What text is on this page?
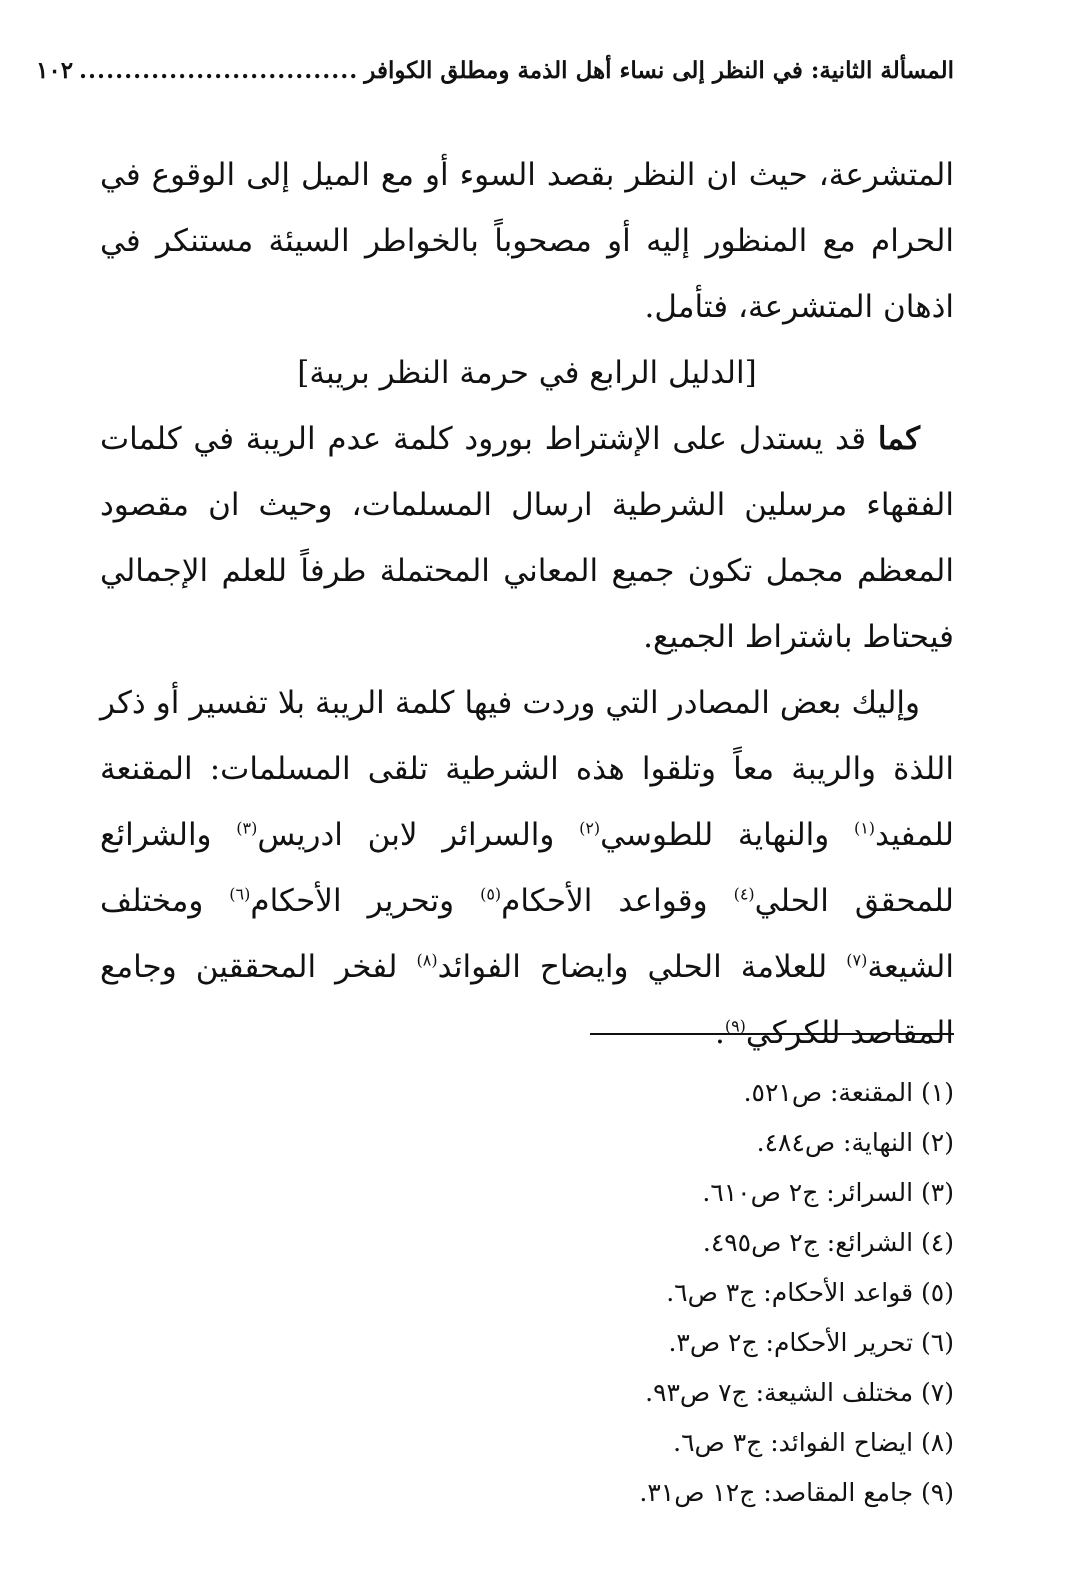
المسألة الثانية: في النظر إلى نساء أهل الذمة ومطلق الكوافر
...............................
١٠٢

المتشرعة، حيث ان النظر بقصد السوء أو مع الميل إلى الوقوع في الحرام مع المنظور إليه أو مصحوباً بالخواطر السيئة مستنكر في اذهان المتشرعة، فتأمل.

[الدليل الرابع في حرمة النظر بريبة]

كما قد يستدل على الإشتراط بورود كلمة عدم الريبة في كلمات الفقهاء مرسلين الشرطية ارسال المسلمات، وحيث ان مقصود المعظم مجمل تكون جميع المعاني المحتملة طرفاً للعلم الإجمالي فيحتاط باشتراط الجميع.

وإليك بعض المصادر التي وردت فيها كلمة الريبة بلا تفسير أو ذكر اللذة والريبة معاً وتلقوا هذه الشرطية تلقى المسلمات: المقنعة للمفيد$^{(١)}$ والنهاية للطوسي$^{(٢)}$ والسرائر لابن ادريس$^{(٣)}$ والشرائع للمحقق الحلي$^{(٤)}$ وقواعد الأحكام$^{(٥)}$ وتحرير الأحكام$^{(٦)}$ ومختلف الشيعة$^{(٧)}$ للعلامة الحلي وايضاح الفوائد$^{(٨)}$ لفخر المحققين وجامع المقاصد للكركي$^{(٩)}$.

(١) المقنعة: ص٥٢١.
(٢) النهاية: ص٤٨٤.
(٣) السرائر: ج٢ ص٦١٠.
(٤) الشرائع: ج٢ ص٤٩٥.
(٥) قواعد الأحكام: ج٣ ص٦.
(٦) تحرير الأحكام: ج٢ ص٣.
(٧) مختلف الشيعة: ج٧ ص٩٣.
(٨) ايضاح الفوائد: ج٣ ص٦.
(٩) جامع المقاصد: ج١٢ ص٣١.
